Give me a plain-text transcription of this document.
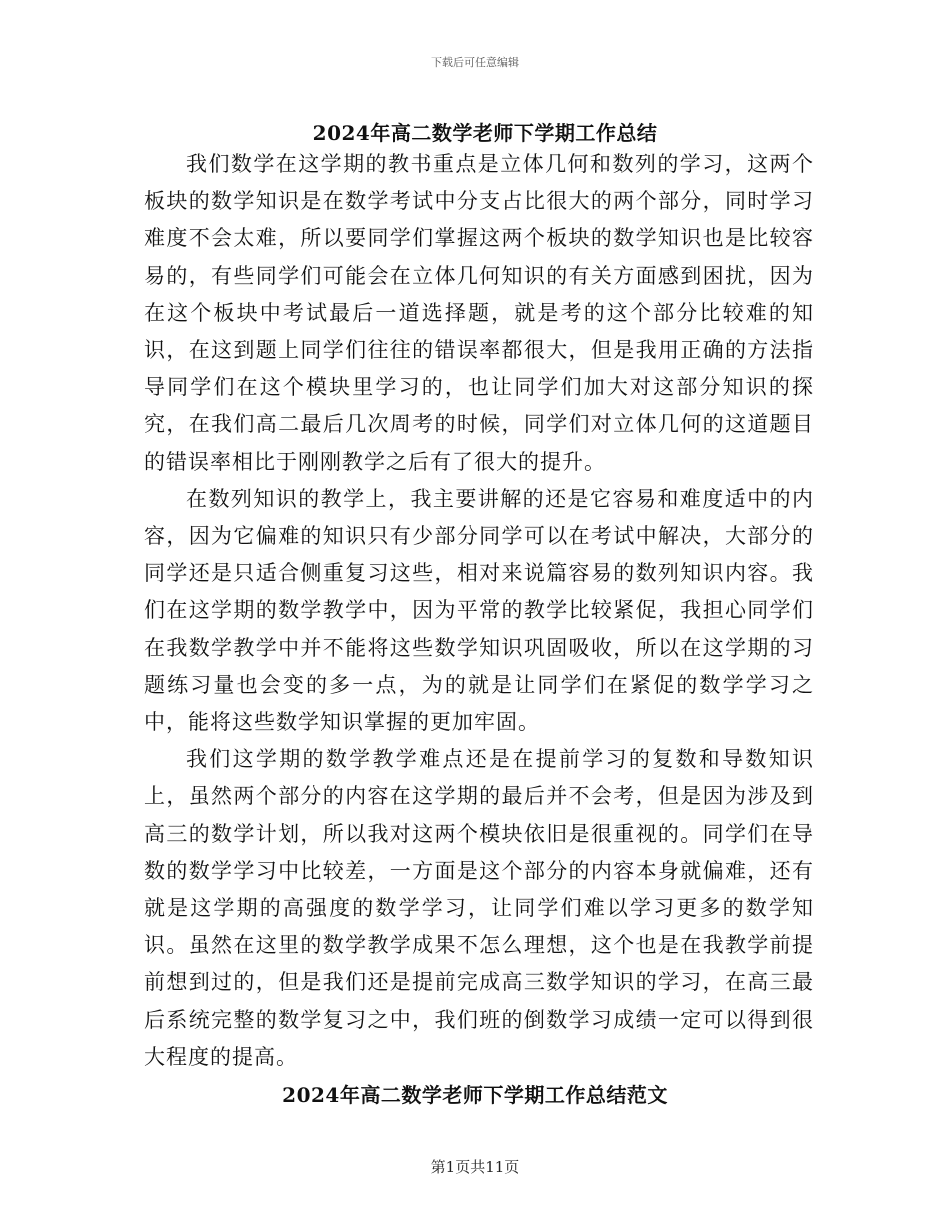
下载后可任意编辑
2024年高二数学老师下学期工作总结

我们数学在这学期的教书重点是立体几何和数列的学习，这两个板块的数学知识是在数学考试中分支占比很大的两个部分，同时学习难度不会太难，所以要同学们掌握这两个板块的数学知识也是比较容易的，有些同学们可能会在立体几何知识的有关方面感到困扰，因为在这个板块中考试最后一道选择题，就是考的这个部分比较难的知识，在这到题上同学们往往的错误率都很大，但是我用正确的方法指导同学们在这个模块里学习的，也让同学们加大对这部分知识的探究，在我们高二最后几次周考的时候，同学们对立体几何的这道题目的错误率相比于刚刚教学之后有了很大的提升。

在数列知识的教学上，我主要讲解的还是它容易和难度适中的内容，因为它偏难的知识只有少部分同学可以在考试中解决，大部分的同学还是只适合侧重复习这些，相对来说篇容易的数列知识内容。我们在这学期的数学教学中，因为平常的教学比较紧促，我担心同学们在我数学教学中并不能将这些数学知识巩固吸收，所以在这学期的习题练习量也会变的多一点，为的就是让同学们在紧促的数学学习之中，能将这些数学知识掌握的更加牢固。

我们这学期的数学教学难点还是在提前学习的复数和导数知识上，虽然两个部分的内容在这学期的最后并不会考，但是因为涉及到高三的数学计划，所以我对这两个模块依旧是很重视的。同学们在导数的数学学习中比较差，一方面是这个部分的内容本身就偏难，还有就是这学期的高强度的数学学习，让同学们难以学习更多的数学知识。虽然在这里的数学教学成果不怎么理想，这个也是在我教学前提前想到过的，但是我们还是提前完成高三数学知识的学习，在高三最后系统完整的数学复习之中，我们班的倒数学习成绩一定可以得到很大程度的提高。

2024年高二数学老师下学期工作总结范文
第1页共11页
